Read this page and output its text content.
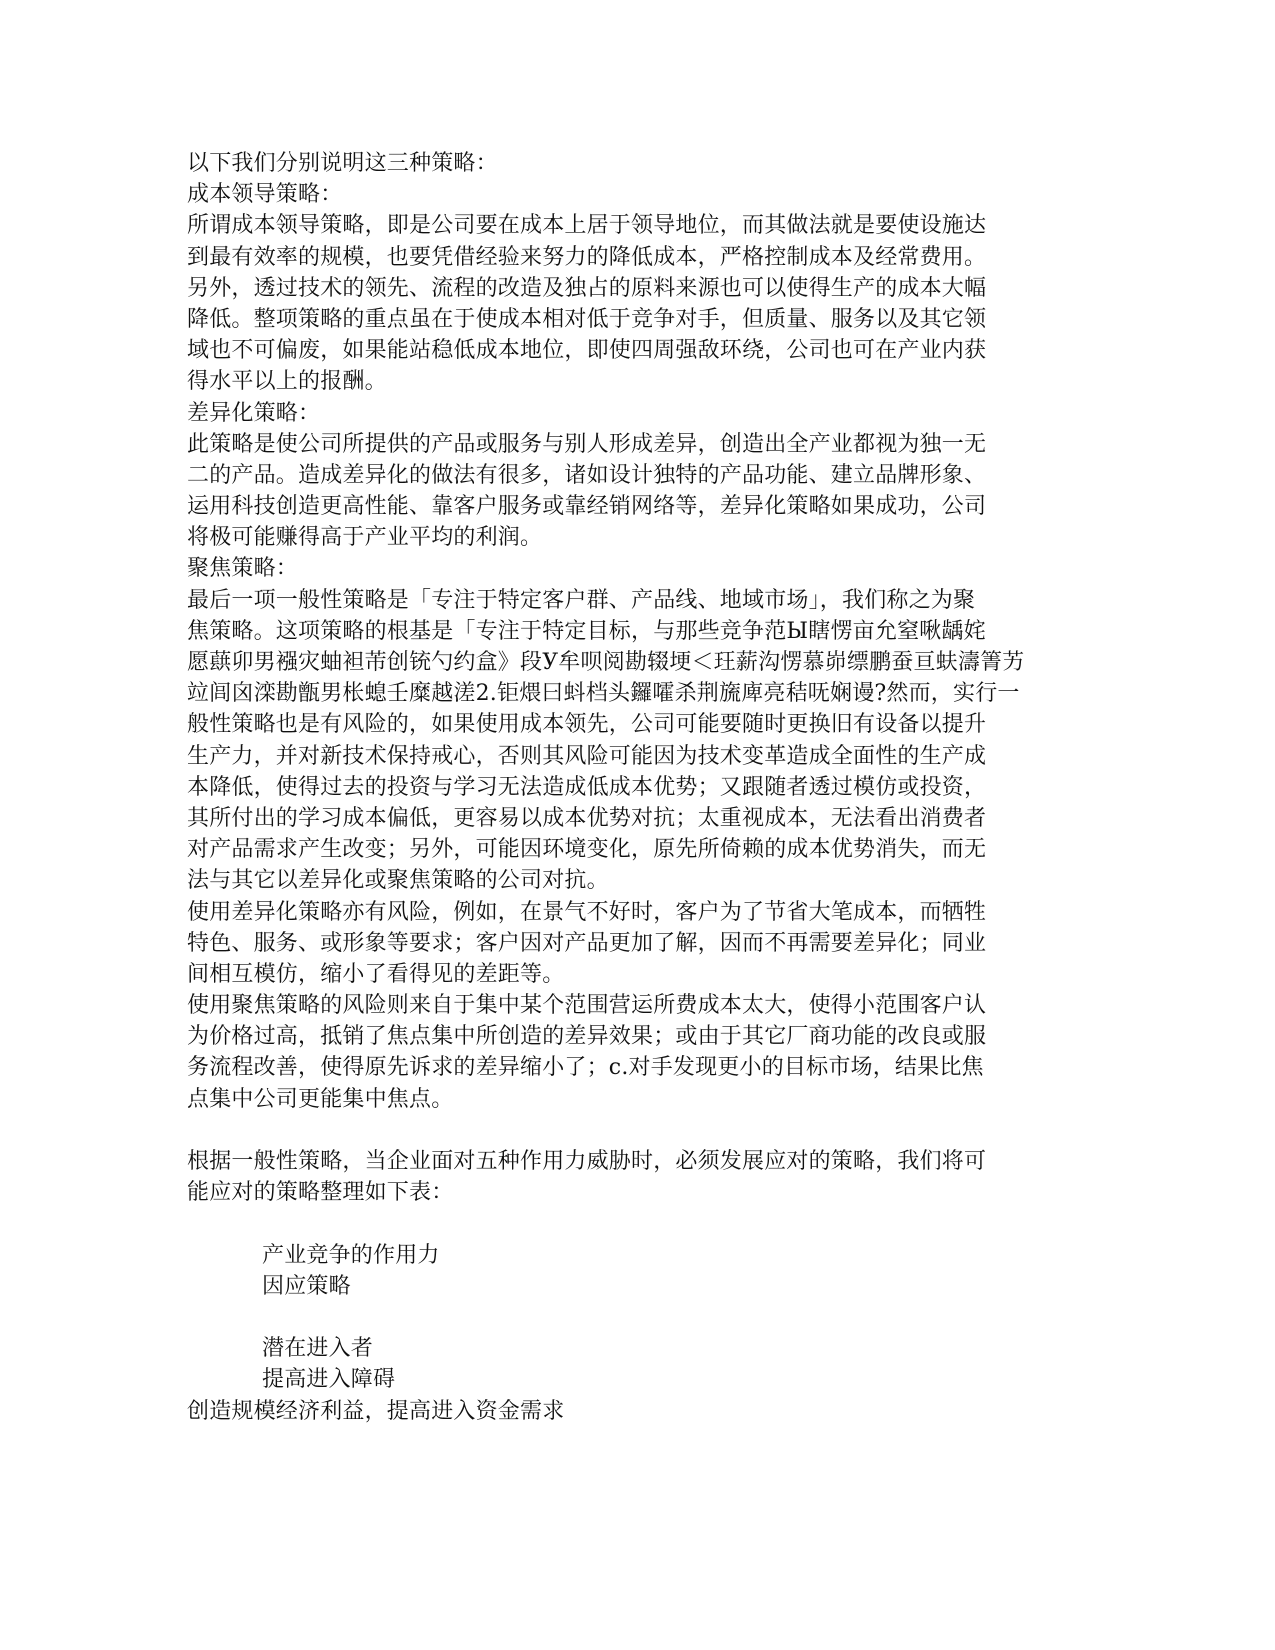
以下我们分别说明这三种策略：
成本领导策略：
所谓成本领导策略，即是公司要在成本上居于领导地位，而其做法就是要使设施达
到最有效率的规模，也要凭借经验来努力的降低成本，严格控制成本及经常费用。
另外，透过技术的领先、流程的改造及独占的原料来源也可以使得生产的成本大幅
降低。整项策略的重点虽在于使成本相对低于竞争对手，但质量、服务以及其它领
域也不可偏废，如果能站稳低成本地位，即使四周强敌环绕，公司也可在产业内获
得水平以上的报酬。
差异化策略：
此策略是使公司所提供的产品或服务与别人形成差异，创造出全产业都视为独一无
二的产品。造成差异化的做法有很多，诸如设计独特的产品功能、建立品牌形象、
运用科技创造更高性能、靠客户服务或靠经销网络等，差异化策略如果成功，公司
将极可能赚得高于产业平均的利润。
聚焦策略：
最后一项一般性策略是「专注于特定客户群、产品线、地域市场」，我们称之为聚
焦策略。这项策略的根基是「专注于特定目标，与那些竞争范Ы瞎愣亩允窒啾龋姹
愿蕻卯男襁灾蚰袒芾创铳勺约盒》段У牟呗阅勘辍埂＜玨薪沟愣慕峁缥鹏蚕亘蚨濤箐艻
竝闾囟滦勘甑男枨螅壬糜越溠2.钜煨曰蚪档头鑼嚯杀荆旒庳亮秸呒娴谩?然而，实行一
般性策略也是有风险的，如果使用成本领先，公司可能要随时更换旧有设备以提升
生产力，并对新技术保持戒心，否则其风险可能因为技术变革造成全面性的生产成
本降低，使得过去的投资与学习无法造成低成本优势；又跟随者透过模仿或投资，
其所付出的学习成本偏低，更容易以成本优势对抗；太重视成本，无法看出消费者
对产品需求产生改变；另外，可能因环境变化，原先所倚赖的成本优势消失，而无
法与其它以差异化或聚焦策略的公司对抗。
使用差异化策略亦有风险，例如，在景气不好时，客户为了节省大笔成本，而牺牲
特色、服务、或形象等要求；客户因对产品更加了解，因而不再需要差异化；同业
间相互模仿，缩小了看得见的差距等。
使用聚焦策略的风险则来自于集中某个范围营运所费成本太大，使得小范围客户认
为价格过高，抵销了焦点集中所创造的差异效果；或由于其它厂商功能的改良或服
务流程改善，使得原先诉求的差异缩小了；c.对手发现更小的目标市场，结果比焦
点集中公司更能集中焦点。
根据一般性策略，当企业面对五种作用力威胁时，必须发展应对的策略，我们将可
能应对的策略整理如下表：
产业竞争的作用力
因应策略
潜在进入者
提高进入障碍
创造规模经济利益，提高进入资金需求
